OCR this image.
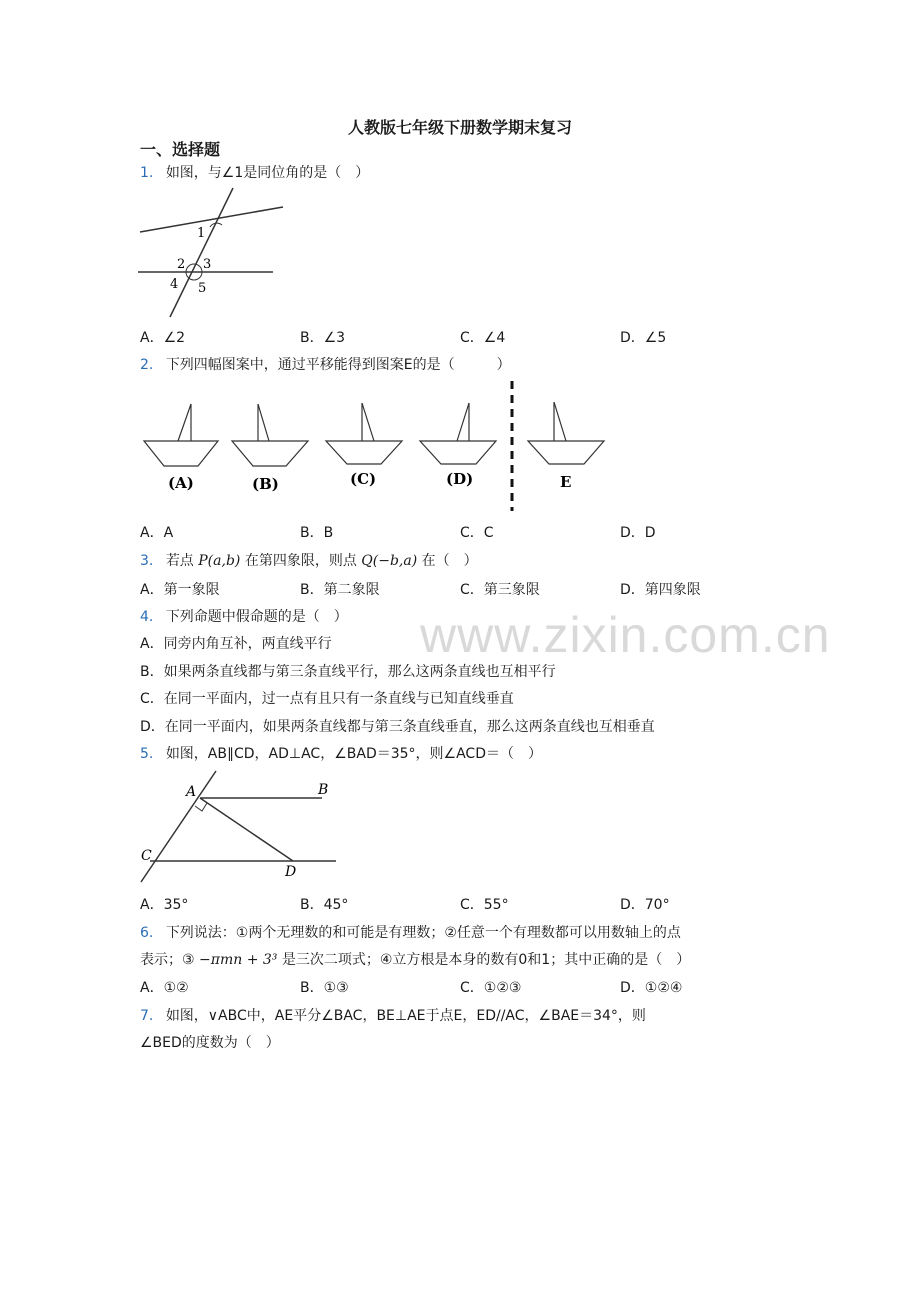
人教版七年级下册数学期末复习
一、选择题
www.zixin.com.cn
1. 如图，与∠1是同位角的是（　）
1
2 3
4 5
A．∠2	B．∠3	C．∠4	D．∠5
2. 下列四幅图案中，通过平移能得到图案E的是（　　　）
(A)	(B)	(C)	(D)	E
A．A	B．B	C．C	D．D
3. 若点 P(a,b) 在第四象限，则点 Q(−b,a) 在（　）
A．第一象限	B．第二象限	C．第三象限	D．第四象限
4. 下列命题中假命题的是（　）
A．同旁内角互补，两直线平行
B．如果两条直线都与第三条直线平行，那么这两条直线也互相平行
C．在同一平面内，过一点有且只有一条直线与已知直线垂直
D．在同一平面内，如果两条直线都与第三条直线垂直，那么这两条直线也互相垂直
5. 如图，AB∥CD，AD⊥AC，∠BAD＝35°，则∠ACD＝（　）
A	B
C
D
A．35°	B．45°	C．55°	D．70°
6. 下列说法：①两个无理数的和可能是有理数；②任意一个有理数都可以用数轴上的点
表示；③ −πmn + 3³ 是三次二项式；④立方根是本身的数有0和1；其中正确的是（　）
A．①②	B．①③	C．①②③	D．①②④
7. 如图，∨ABC中，AE平分∠BAC，BE⊥AE于点E，ED//AC，∠BAE＝34°，则
∠BED的度数为（　）
